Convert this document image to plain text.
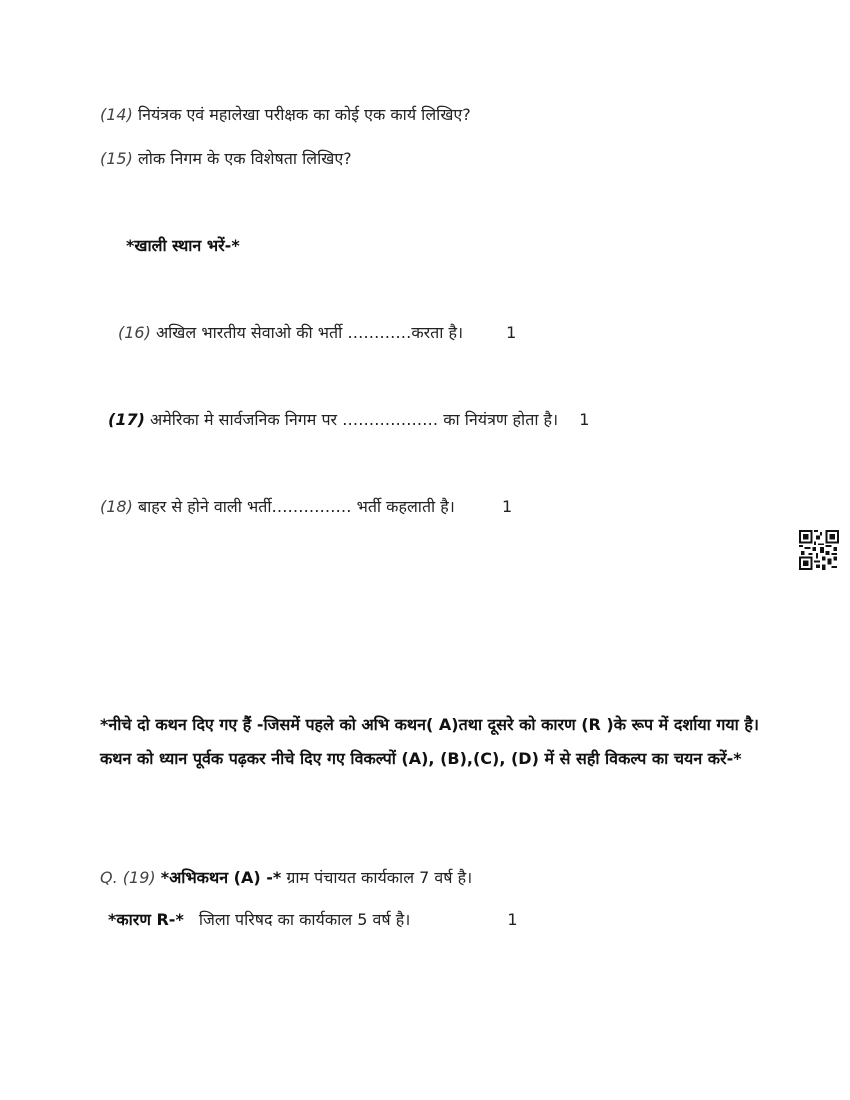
(14) नियंत्रक एवं महालेखा परीक्षक का कोई एक कार्य लिखिए?
(15) लोक निगम के एक विशेषता लिखिए?
*खाली स्थान भरें-*
(16) अखिल भारतीय सेवाओ की भर्ती …………करता है।	1
(17) अमेरिका मे सार्वजनिक निगम पर ……………… का नियंत्रण होता है। 1
(18) बाहर से होने वाली भर्ती…………… भर्ती कहलाती है।	1
*नीचे दो कथन दिए गए हैं -जिसमें पहले को अभि कथन( A)तथा दूसरे को कारण (R )के रूप में दर्शाया गया है। कथन को ध्यान पूर्वक पढ़कर नीचे दिए गए विकल्पों (A), (B),(C), (D) में से सही विकल्प का चयन करें-*
Q. (19) *अभिकथन (A) -* ग्राम पंचायत कार्यकाल 7 वर्ष है।
*कारण R-* जिला परिषद का कार्यकाल 5 वर्ष है।	1
